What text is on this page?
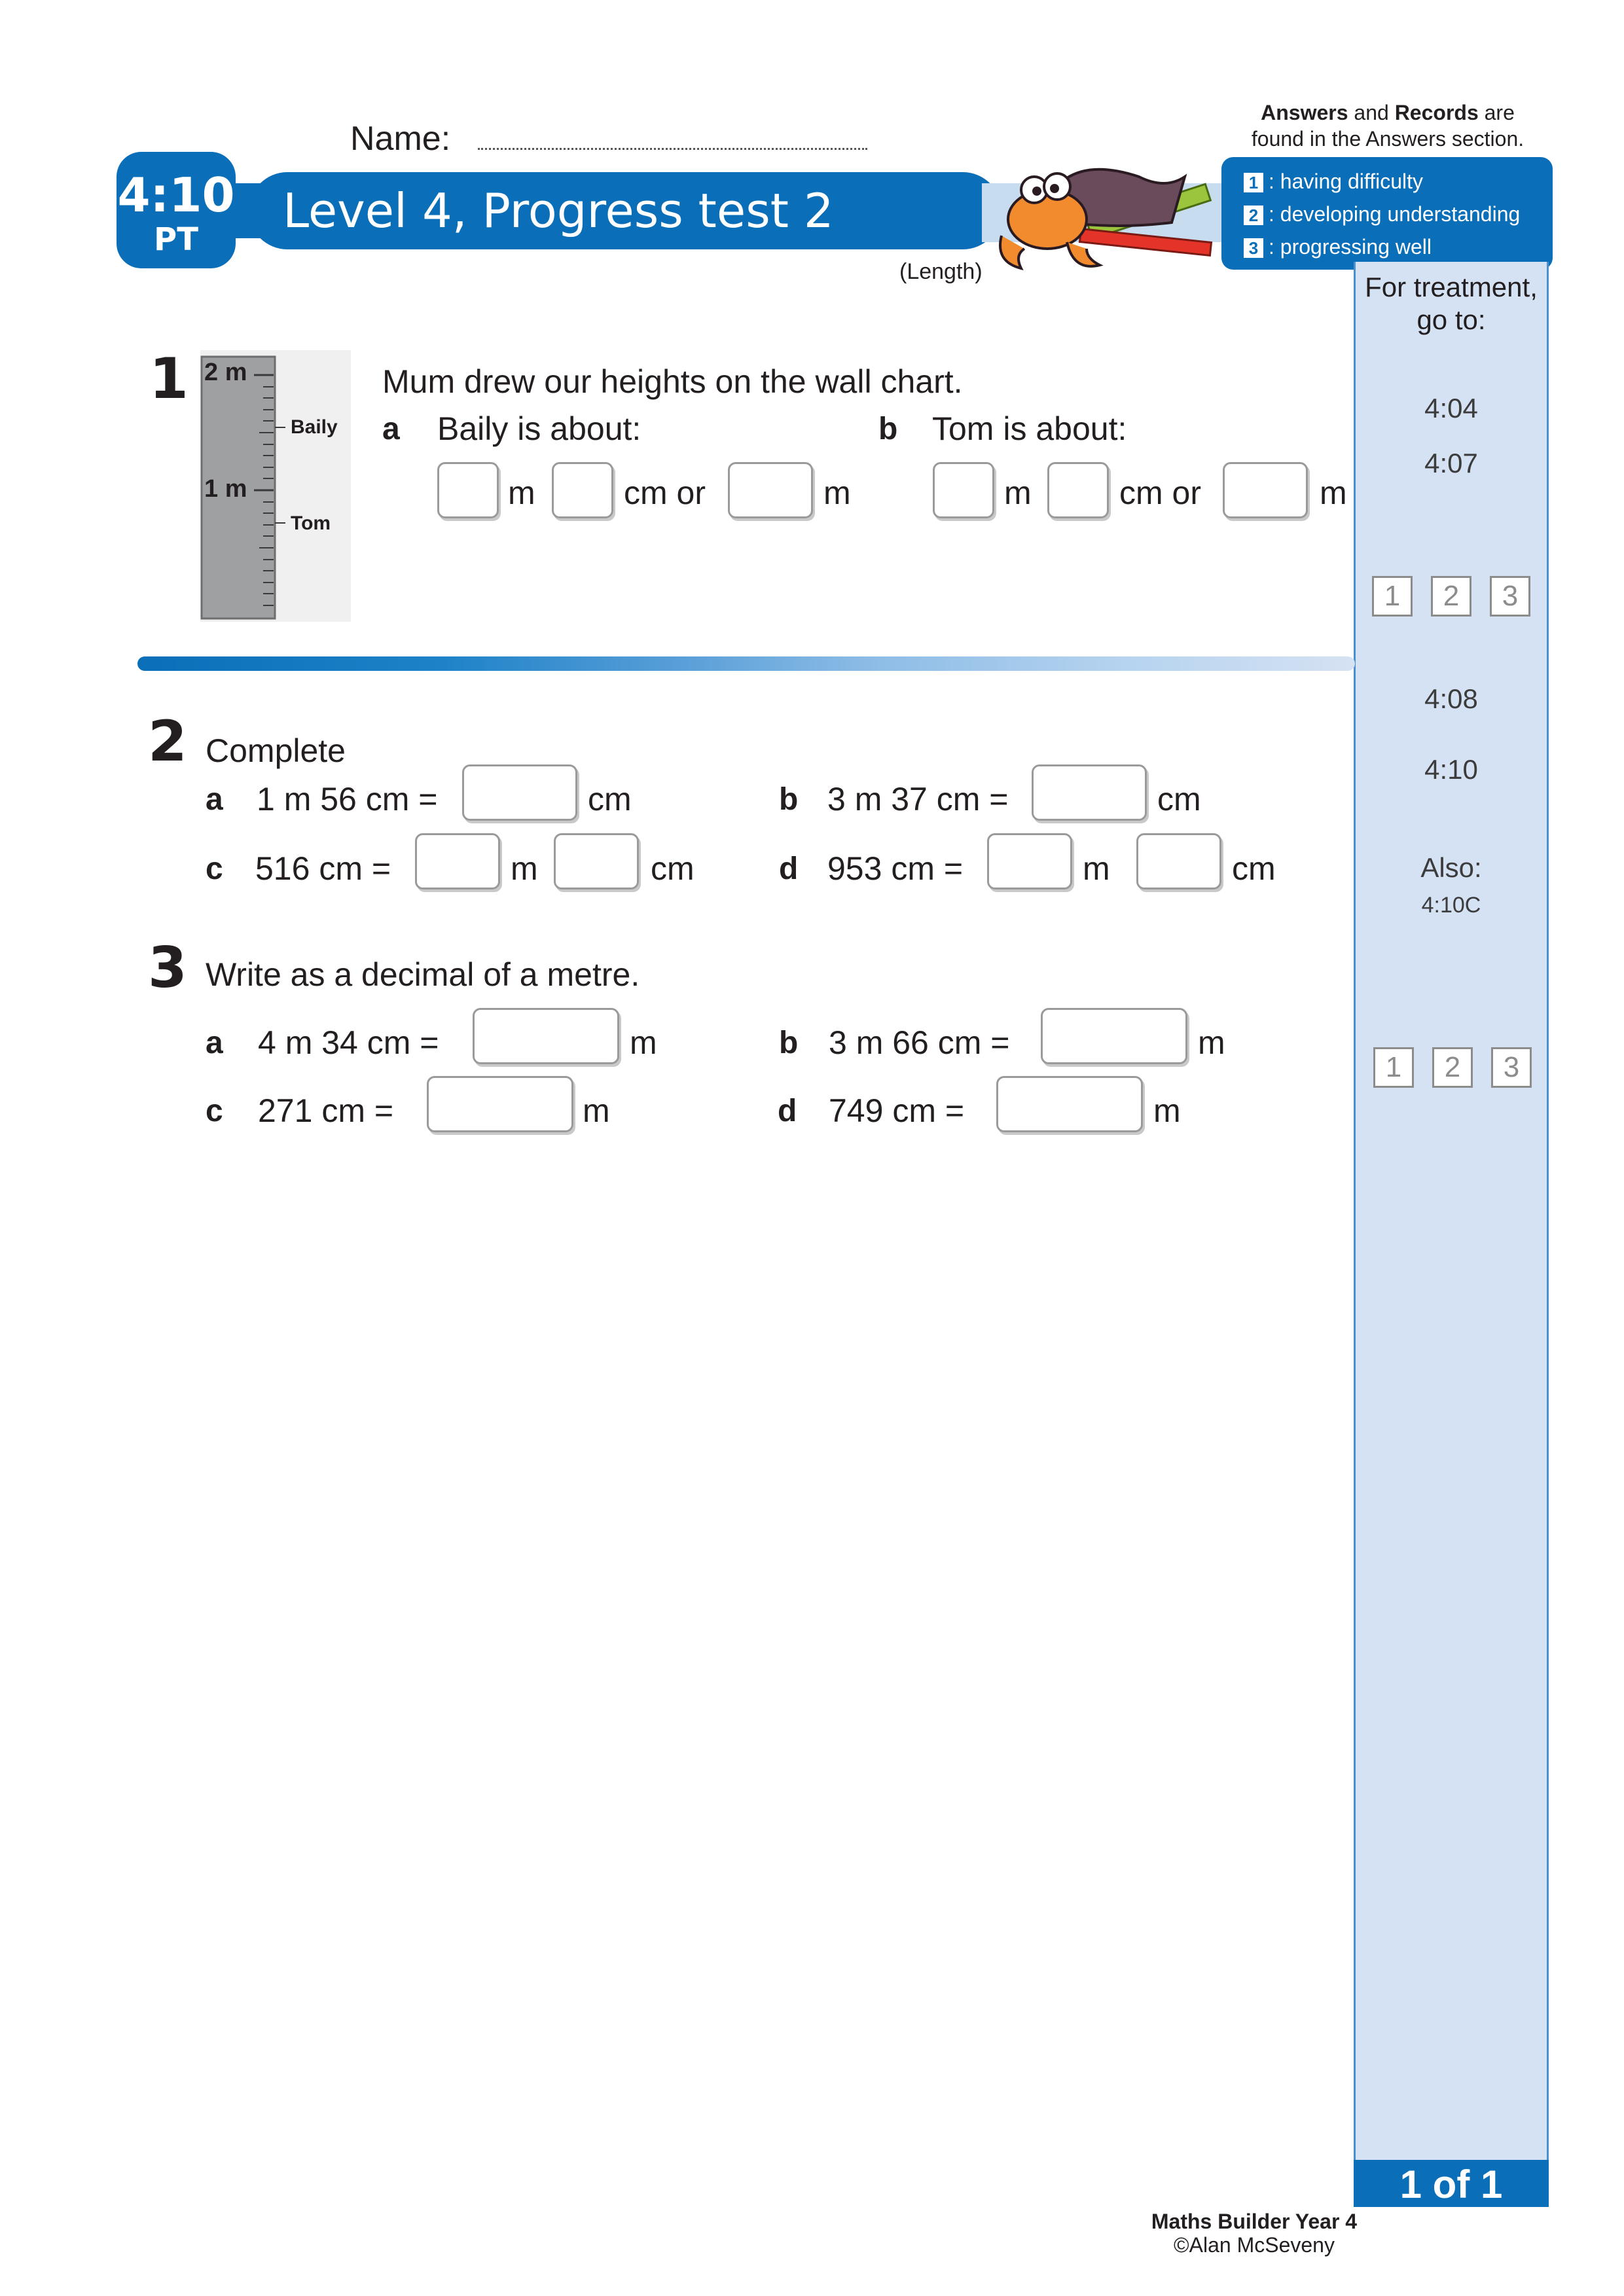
Name:
Answers and Records are
found in the Answers section.
4:10
PT
Level 4, Progress test 2
(Length)
1 : having difficulty
2 : developing understanding
3 : progressing well
For treatment,
go to:
4:04
4:07
1	2	3
4:08
4:10
Also:
4:10C
1	2	3
1 of 1
1 2 m
1 m
Baily
Tom
Mum drew our heights on the wall chart.
a Baily is about:	b Tom is about:
m	cm or	m	m	cm or	m
2 Complete
a 1 m 56 cm =	cm	b 3 m 37 cm =	cm
c 516 cm =	m	cm	d 953 cm =	m	cm
3 Write as a decimal of a metre.
a 4 m 34 cm =	m	b 3 m 66 cm =	m
c 271 cm =	m	d 749 cm =	m
Maths Builder Year 4
©Alan McSeveny
